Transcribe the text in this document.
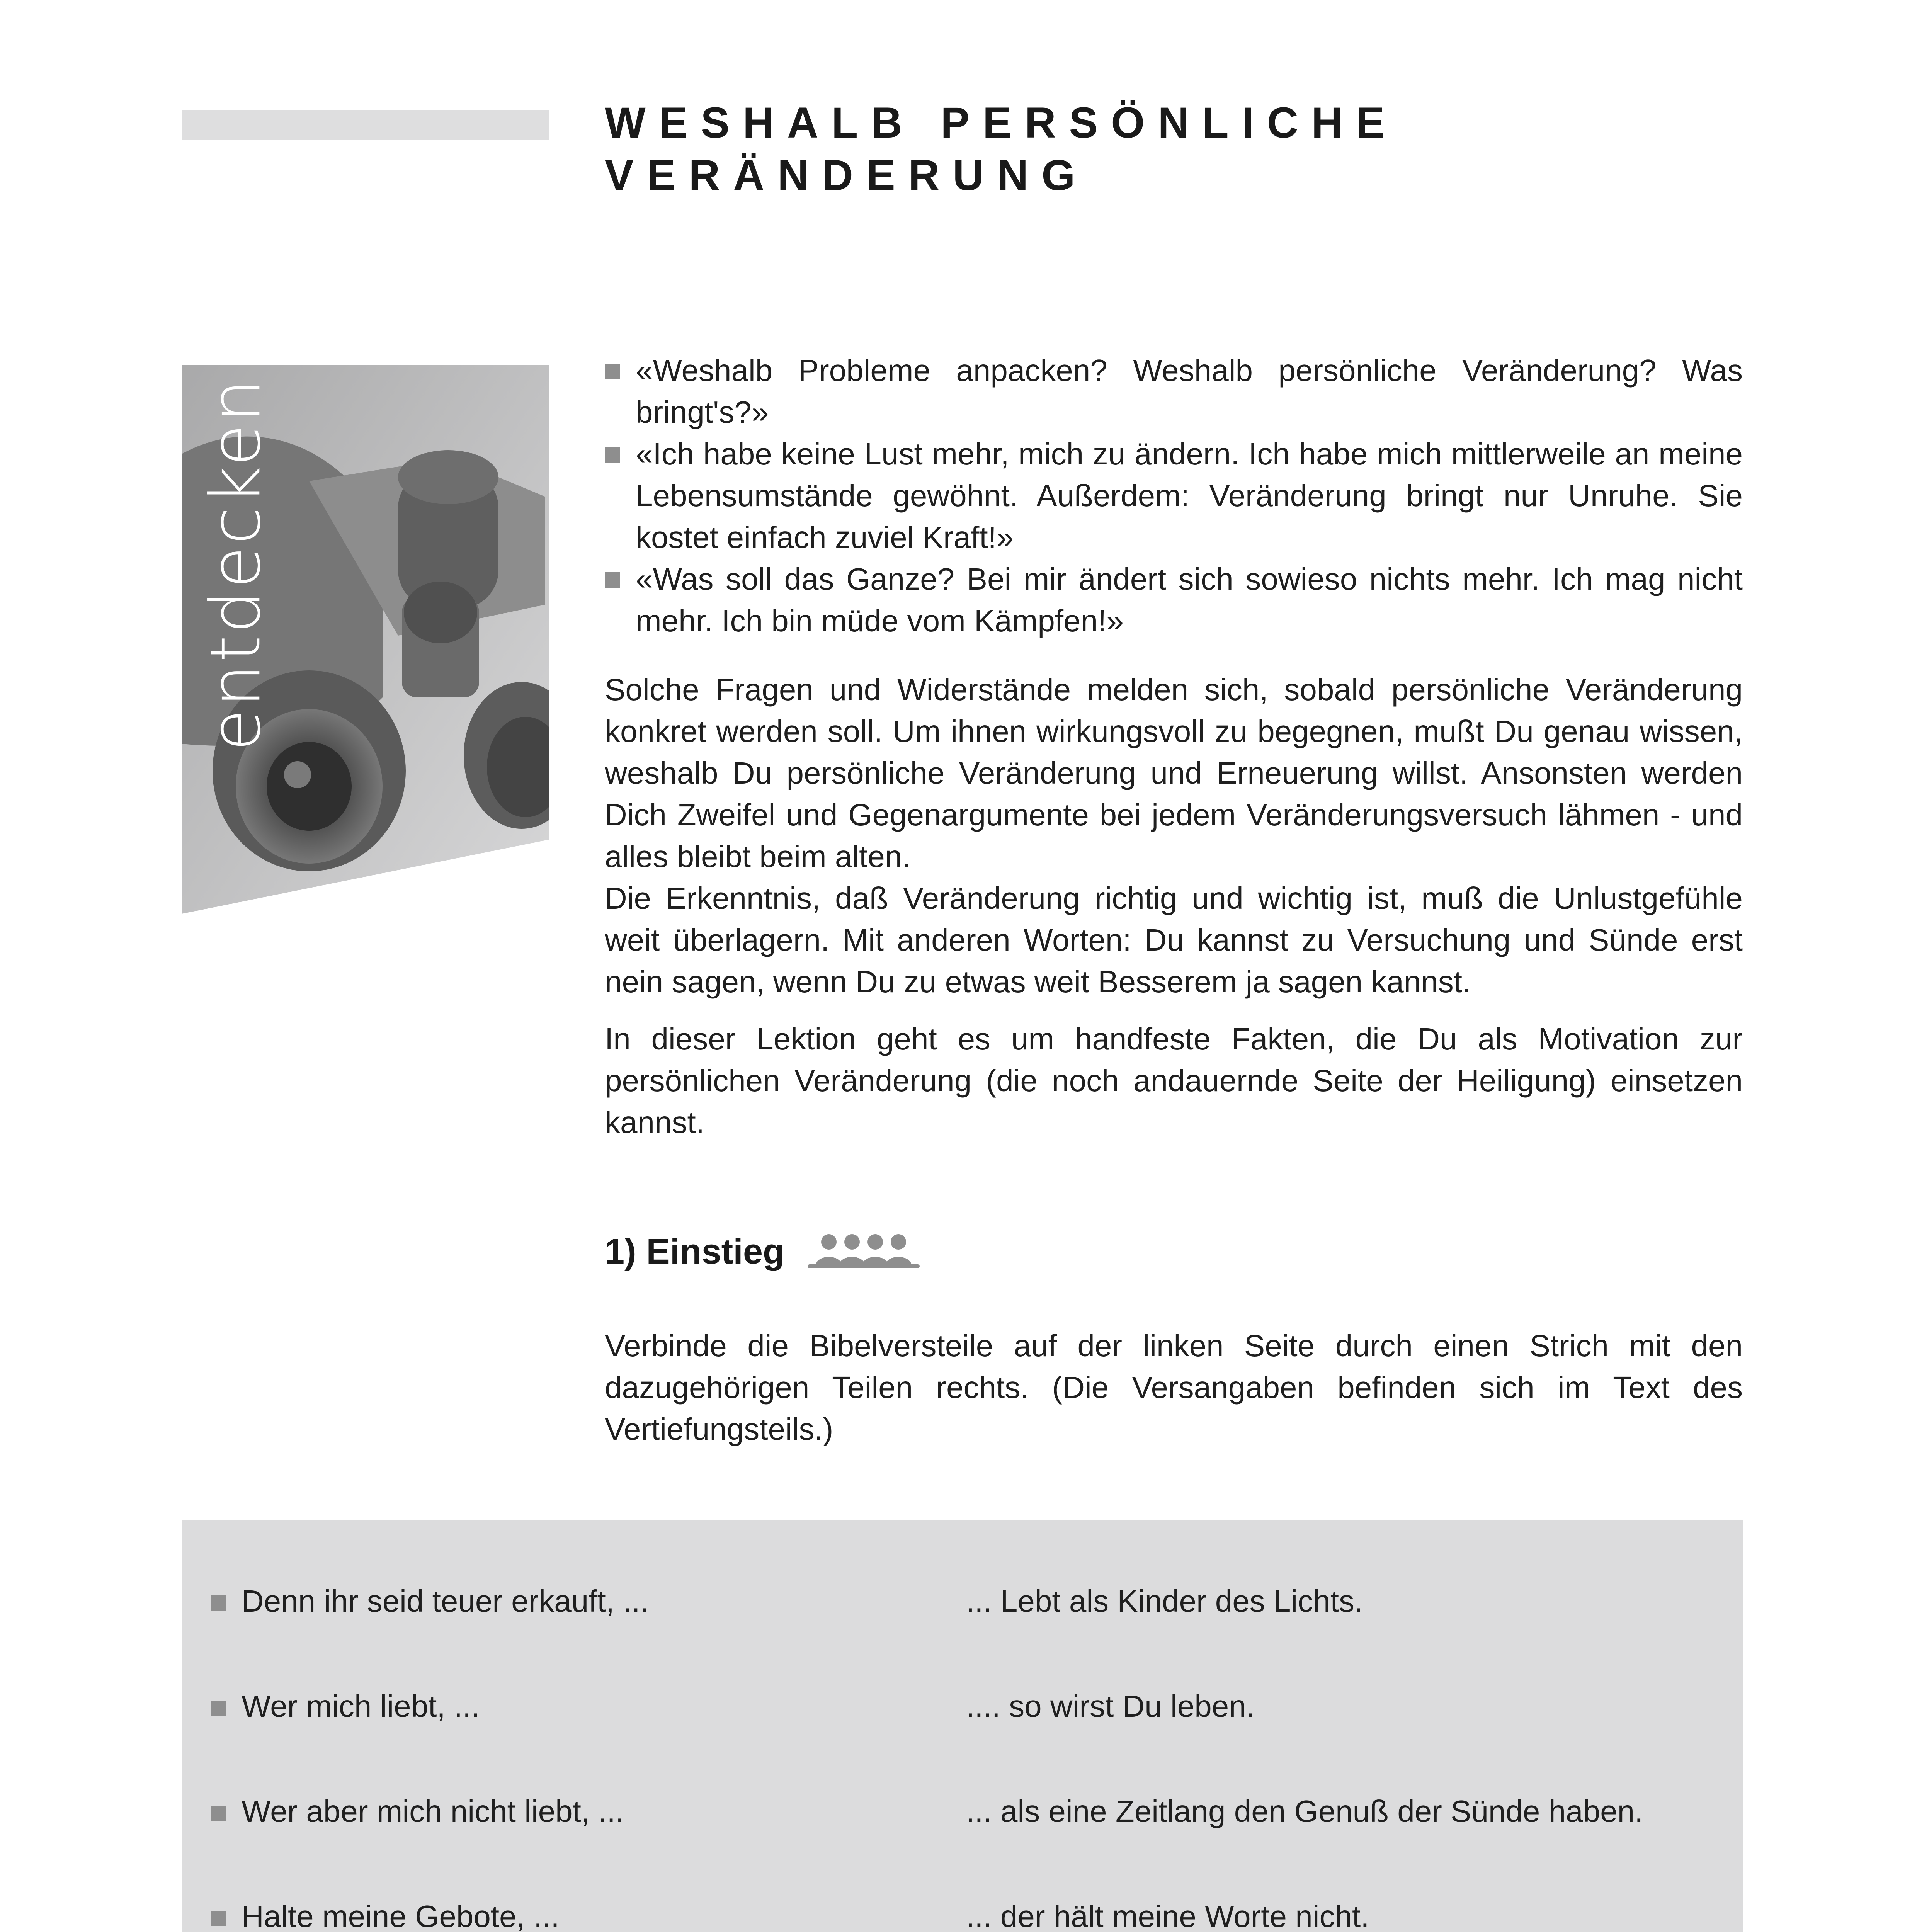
WESHALB PERSÖNLICHE
VERÄNDERUNG
entdecken
«Weshalb Probleme anpacken? Weshalb persönliche Veränderung? Was bringt's?»
«Ich habe keine Lust mehr, mich zu ändern. Ich habe mich mittlerweile an meine Lebensumstände gewöhnt. Außerdem: Veränderung bringt nur Unruhe. Sie kostet einfach zuviel Kraft!»
«Was soll das Ganze? Bei mir ändert sich sowieso nichts mehr. Ich mag nicht mehr. Ich bin müde vom Kämpfen!»

Solche Fragen und Widerstände melden sich, sobald persönliche Veränderung konkret werden soll. Um ihnen wirkungsvoll zu begegnen, mußt Du genau wissen, weshalb Du persönliche Veränderung und Erneuerung willst. Ansonsten werden Dich Zweifel und Gegenargumente bei jedem Veränderungsversuch lähmen - und alles bleibt beim alten.

Die Erkenntnis, daß Veränderung richtig und wichtig ist, muß die Unlustgefühle weit überlagern. Mit anderen Worten: Du kannst zu Versuchung und Sünde erst nein sagen, wenn Du zu etwas weit Besserem ja sagen kannst.

In dieser Lektion geht es um handfeste Fakten, die Du als Motivation zur persönlichen Veränderung (die noch andauernde Seite der Heiligung) einsetzen kannst.

1) Einstieg

Verbinde die Bibelversteile auf der linken Seite durch einen Strich mit den dazugehörigen Teilen rechts. (Die Versangaben befinden sich im Text des Vertiefungsteils.)

Denn ihr seid teuer erkauft, ...	... Lebt als Kinder des Lichts.
Wer mich liebt, ...	.... so wirst Du leben.
Wer aber mich nicht liebt, ...	... als eine Zeitlang den Genuß der Sünde haben.
Halte meine Gebote, ...	... der hält meine Worte nicht.
